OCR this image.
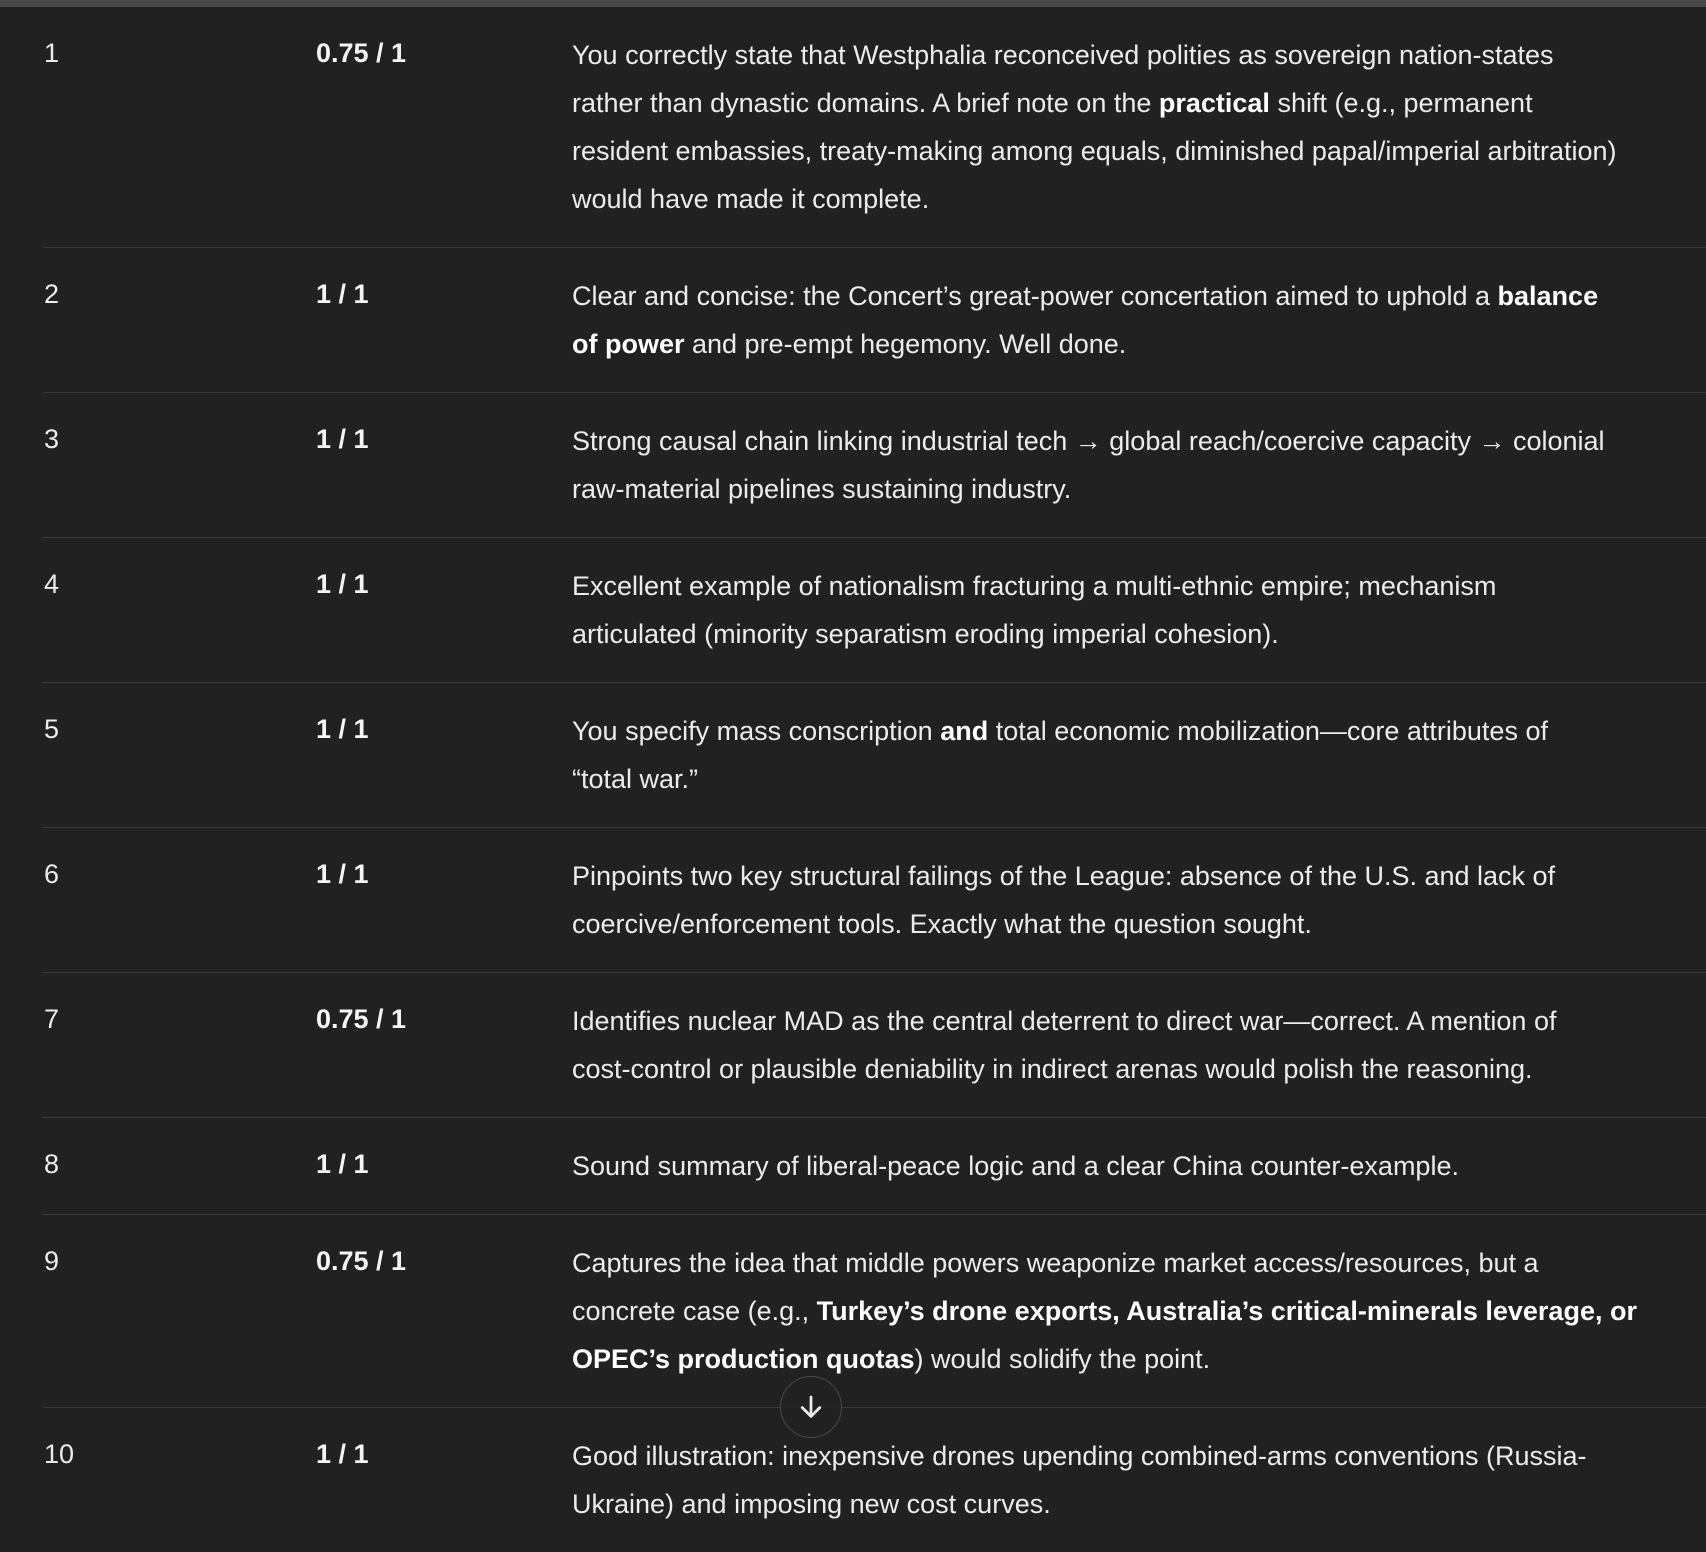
1	0.75 / 1	You correctly state that Westphalia reconceived polities as sovereign nation-states
rather than dynastic domains. A brief note on the practical shift (e.g., permanent
resident embassies, treaty-making among equals, diminished papal/imperial arbitration)
would have made it complete.
2	1 / 1	Clear and concise: the Concert’s great-power concertation aimed to uphold a balance
of power and pre-empt hegemony. Well done.
3	1 / 1	Strong causal chain linking industrial tech → global reach/coercive capacity → colonial
raw-material pipelines sustaining industry.
4	1 / 1	Excellent example of nationalism fracturing a multi-ethnic empire; mechanism
articulated (minority separatism eroding imperial cohesion).
5	1 / 1	You specify mass conscription and total economic mobilization—core attributes of
“total war.”
6	1 / 1	Pinpoints two key structural failings of the League: absence of the U.S. and lack of
coercive/enforcement tools. Exactly what the question sought.
7	0.75 / 1	Identifies nuclear MAD as the central deterrent to direct war—correct. A mention of
cost-control or plausible deniability in indirect arenas would polish the reasoning.
8	1 / 1	Sound summary of liberal-peace logic and a clear China counter-example.
9	0.75 / 1	Captures the idea that middle powers weaponize market access/resources, but a
concrete case (e.g., Turkey’s drone exports, Australia’s critical-minerals leverage, or
OPEC’s production quotas) would solidify the point.
10	1 / 1	Good illustration: inexpensive drones upending combined-arms conventions (Russia-
Ukraine) and imposing new cost curves.
